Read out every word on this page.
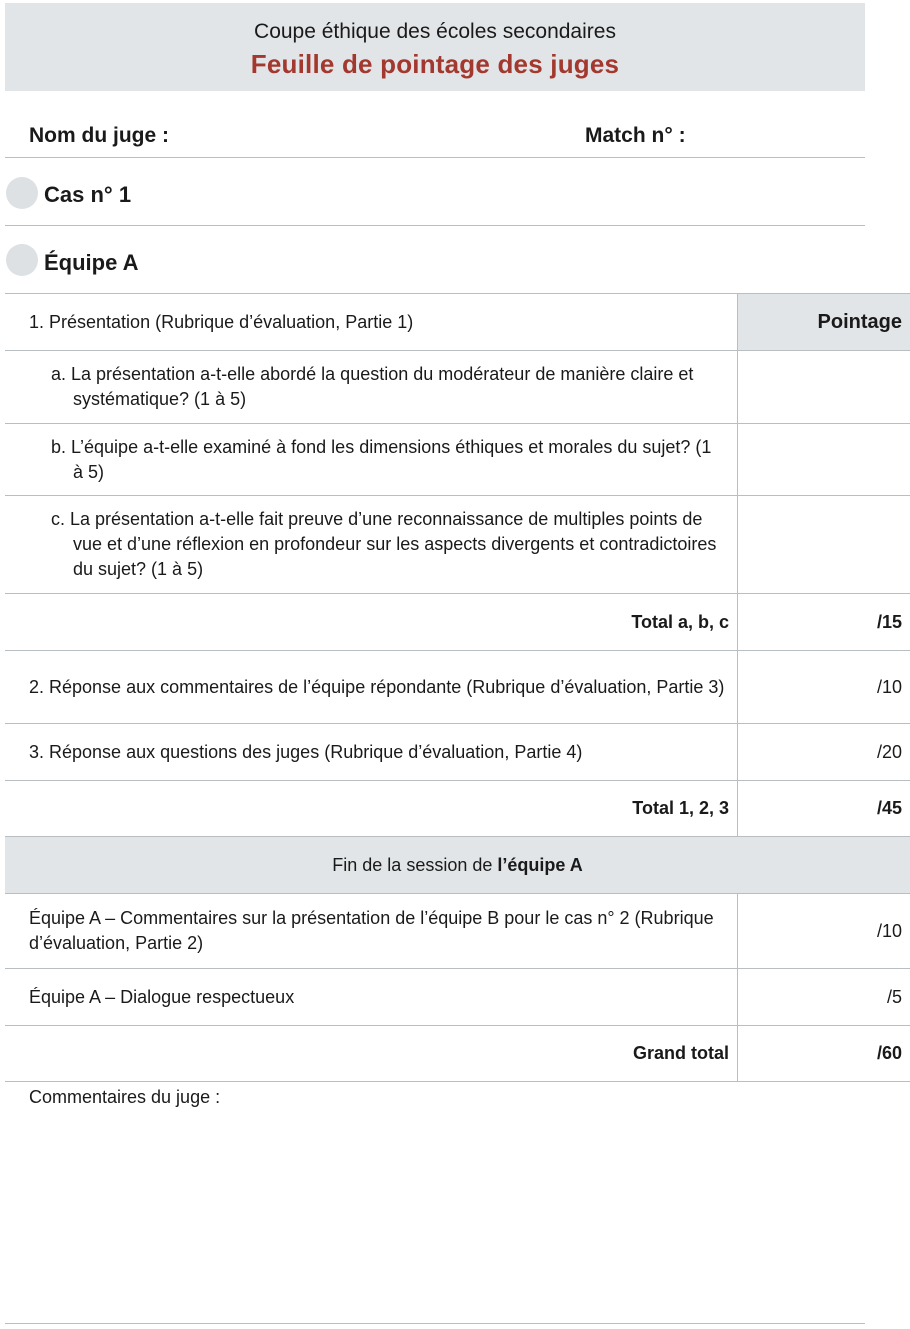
Coupe éthique des écoles secondaires
Feuille de pointage des juges
Nom du juge :	Match n° :
Cas n° 1
Équipe A
1. Présentation (Rubrique d’évaluation, Partie 1)	Pointage

a. La présentation a-t-elle abordé la question du modérateur de manière claire et systématique? (1 à 5)	

b. L’équipe a-t-elle examiné à fond les dimensions éthiques et morales du sujet? (1 à 5)	

c. La présentation a-t-elle fait preuve d’une reconnaissance de multiples points de vue et d’une réflexion en profondeur sur les aspects divergents et contradictoires du sujet? (1 à 5)	

Total a, b, c	/15

2. Réponse aux commentaires de l’équipe répondante (Rubrique d’évaluation, Partie 3)	/10
3. Réponse aux questions des juges (Rubrique d’évaluation, Partie 4)	/20
Total 1, 2, 3	/45
Fin de la session de l’équipe A	
Équipe A – Commentaires sur la présentation de l’équipe B pour le cas n° 2 (Rubrique d’évaluation, Partie 2)	/10
Équipe A – Dialogue respectueux	/5
Grand total	/60
Commentaires du juge :
